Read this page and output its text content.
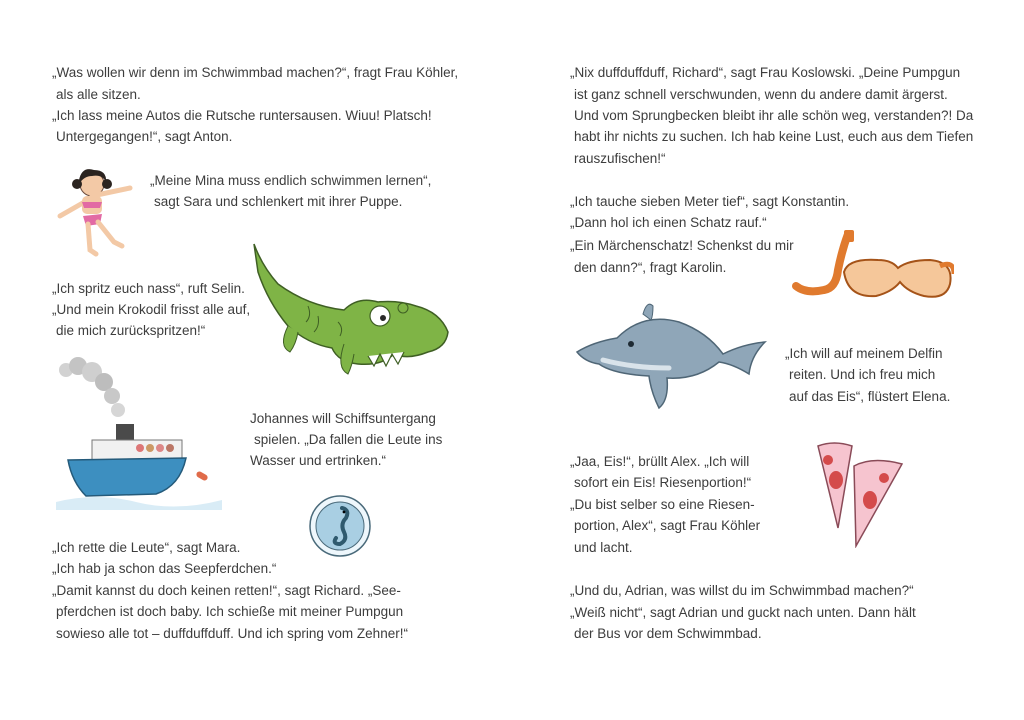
„Was wollen wir denn im Schwimmbad machen?“, fragt Frau Köhler,
als alle sitzen.
„Ich lass meine Autos die Rutsche runtersausen. Wiuu! Platsch!
Untergegangen!“, sagt Anton.
„Meine Mina muss endlich schwimmen lernen“,
sagt Sara und schlenkert mit ihrer Puppe.
„Ich spritz euch nass“, ruft Selin.
„Und mein Krokodil frisst alle auf,
die mich zurückspritzen!“
Johannes will Schiffsuntergang
spielen. „Da fallen die Leute ins
Wasser und ertrinken.“
„Ich rette die Leute“, sagt Mara.
„Ich hab ja schon das Seepferdchen.“
„Damit kannst du doch keinen retten!“, sagt Richard. „See-
pferdchen ist doch baby. Ich schieße mit meiner Pumpgun
sowieso alle tot – duffduffduff. Und ich spring vom Zehner!“
„Nix duffduffduff, Richard“, sagt Frau Koslowski. „Deine Pumpgun
ist ganz schnell verschwunden, wenn du andere damit ärgerst.
Und vom Sprungbecken bleibt ihr alle schön weg, verstanden?! Da
habt ihr nichts zu suchen. Ich hab keine Lust, euch aus dem Tiefen
rauszufischen!“
„Ich tauche sieben Meter tief“, sagt Konstantin.
„Dann hol ich einen Schatz rauf.“
„Ein Märchenschatz! Schenkst du mir
den dann?“, fragt Karolin.
„Ich will auf meinem Delfin
reiten. Und ich freu mich
auf das Eis“, flüstert Elena.
„Jaa, Eis!“, brüllt Alex. „Ich will
sofort ein Eis! Riesenportion!“
„Du bist selber so eine Riesen-
portion, Alex“, sagt Frau Köhler
und lacht.
„Und du, Adrian, was willst du im Schwimmbad machen?“
„Weiß nicht“, sagt Adrian und guckt nach unten. Dann hält
der Bus vor dem Schwimmbad.
